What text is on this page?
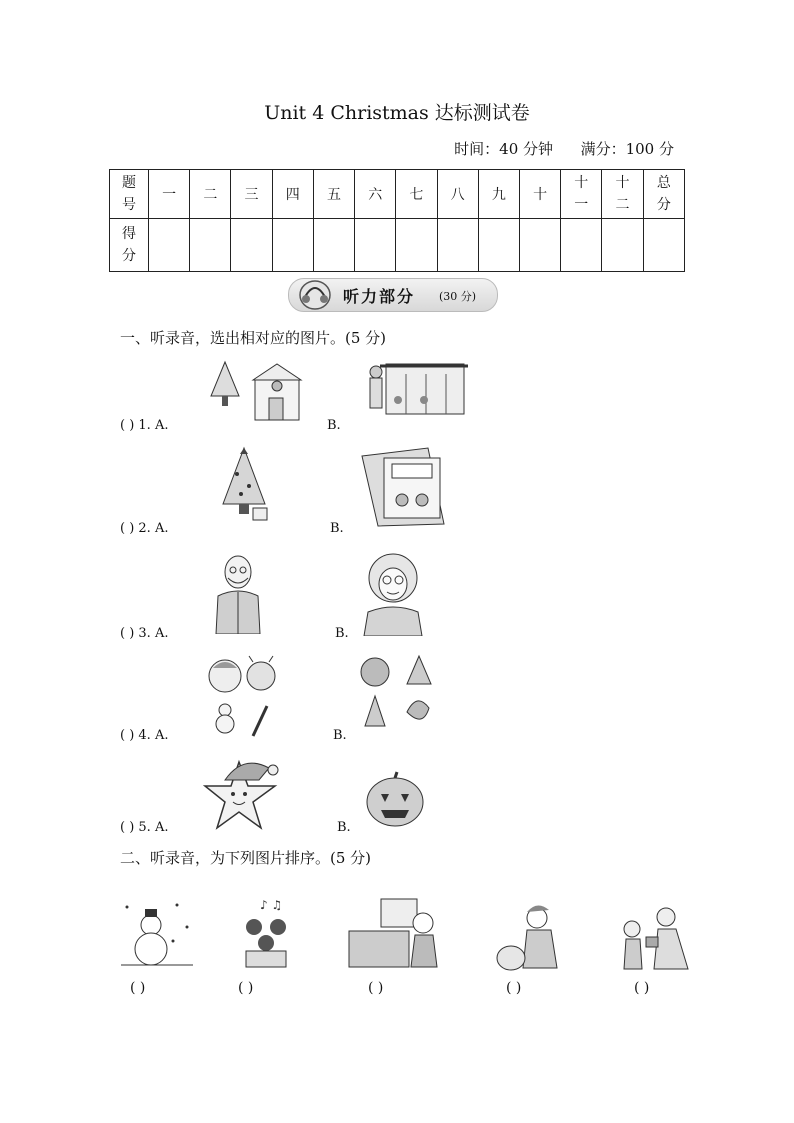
Unit 4 Christmas 达标测试卷
时间：40 分钟 满分：100 分
题号	一	二	三	四	五	六	七	八	九	十	十一	十二	总分
得分													
听力部分 (30 分)
一、听录音，选出相对应的图片。(5 分)
( ) 1. A.	B.
( ) 2. A.	B.
( ) 3. A.	B.
( ) 4. A.	B.
( ) 5. A.	B.
二、听录音，为下列图片排序。(5 分)
♪ ♫
( )	( )	( )	( )	( )
